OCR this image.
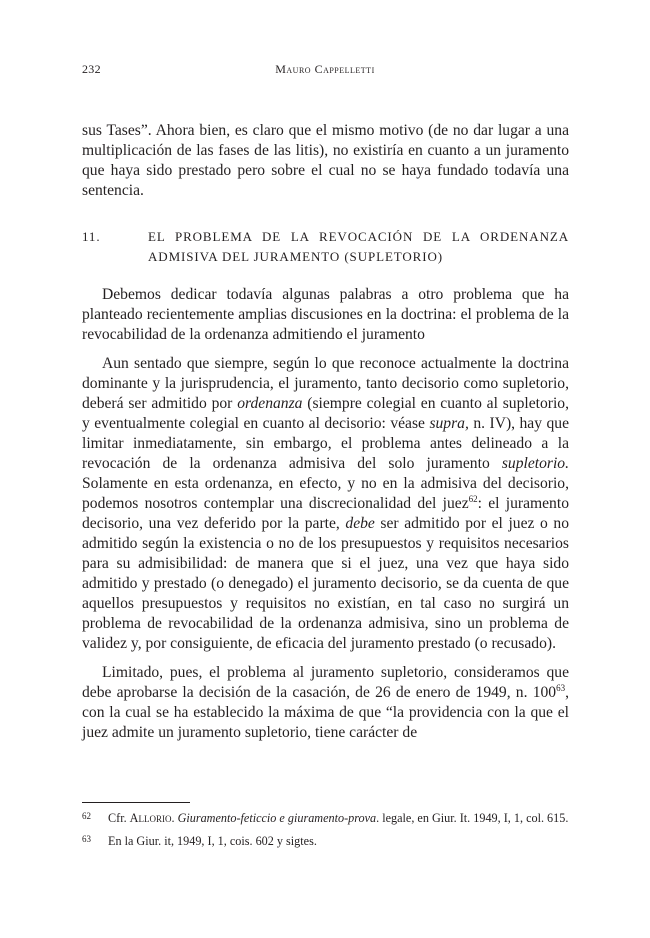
232	Mauro Cappelletti

sus Tases”. Ahora bien, es claro que el mismo motivo (de no dar lugar a una multiplicación de las fases de las litis), no existiría en cuanto a un juramento que haya sido prestado pero sobre el cual no se haya fundado todavía una sentencia.

11.	EL PROBLEMA DE LA REVOCACIÓN DE LA ORDENANZA ADMISIVA DEL JURAMENTO (SUPLETORIO)

Debemos dedicar todavía algunas palabras a otro problema que ha planteado recientemente amplias discusiones en la doctrina: el problema de la revocabilidad de la ordenanza admitiendo el juramento

Aun sentado que siempre, según lo que reconoce actualmente la doctrina dominante y la jurisprudencia, el juramento, tanto decisorio como supletorio, deberá ser admitido por ordenanza (siempre colegial en cuanto al supletorio, y eventualmente colegial en cuanto al decisorio: véase supra, n. IV), hay que limitar inmediatamente, sin embargo, el problema antes delineado a la revocación de la ordenanza admisiva del solo juramento supletorio. Solamente en esta ordenanza, en efecto, y no en la admisiva del decisorio, podemos nosotros contemplar una discrecionalidad del juez$^{62}$: el juramento decisorio, una vez deferido por la parte, debe ser admitido por el juez o no admitido según la existencia o no de los presupuestos y requisitos necesarios para su admisibilidad: de manera que si el juez, una vez que haya sido admitido y prestado (o denegado) el juramento decisorio, se da cuenta de que aquellos presupuestos y requisitos no existían, en tal caso no surgirá un problema de revocabilidad de la ordenanza admisiva, sino un problema de validez y, por consiguiente, de eficacia del juramento prestado (o recusado).

Limitado, pues, el problema al juramento supletorio, consideramos que debe aprobarse la decisión de la casación, de 26 de enero de 1949, n. $100^{63}$, con la cual se ha establecido la máxima de que “la providencia con la que el juez admite un juramento supletorio, tiene carácter de

62 Cfr. Allorio. Giuramento-feticcio e giuramento-prova. legale, en Giur. It. 1949, I, 1, col. 615.
63 En la Giur. it, 1949, I, 1, cois. 602 y sigtes.
